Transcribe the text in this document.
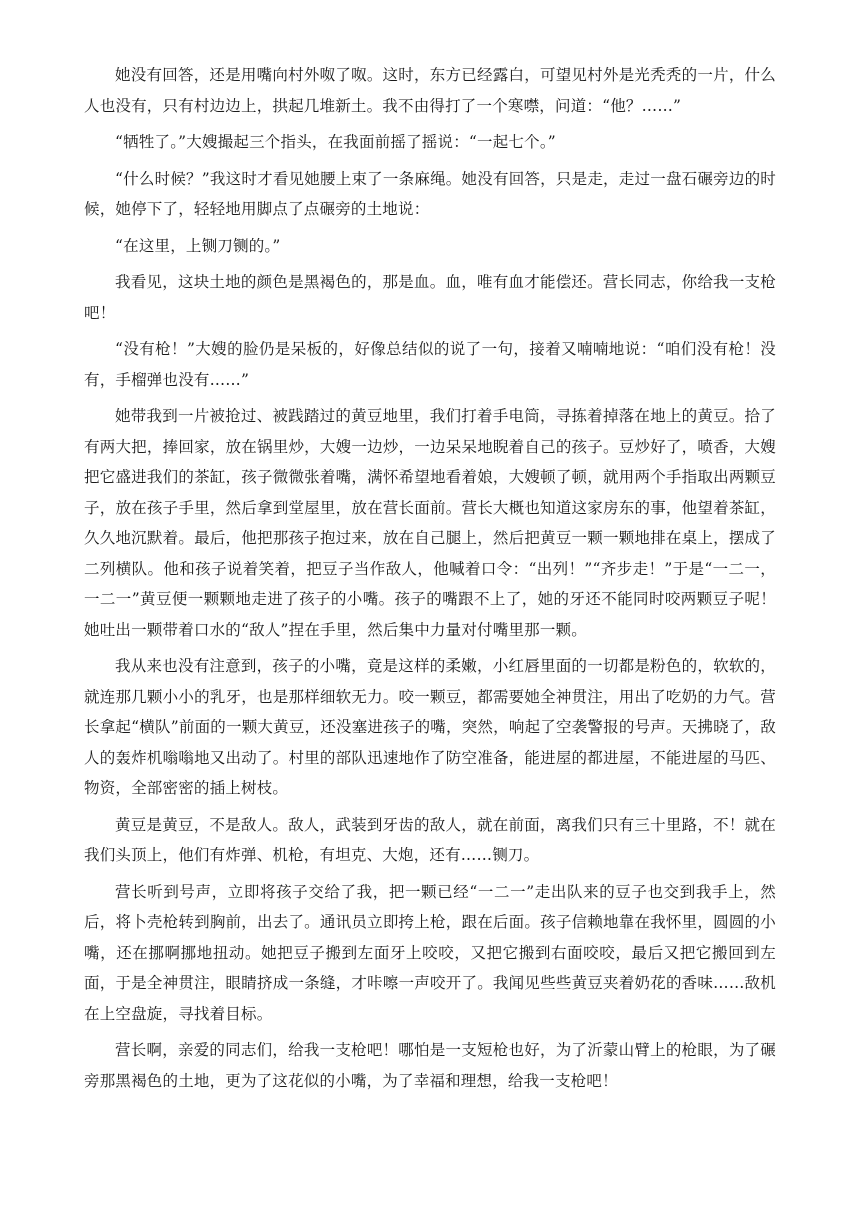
她没有回答，还是用嘴向村外呶了呶。这时，东方已经露白，可望见村外是光秃秃的一片，什么人也没有，只有村边边上，拱起几堆新土。我不由得打了一个寒噤，问道：“他？……”

“牺牲了。”大嫂撮起三个指头，在我面前摇了摇说：“一起七个。”

“什么时候？”我这时才看见她腰上束了一条麻绳。她没有回答，只是走，走过一盘石碾旁边的时候，她停下了，轻轻地用脚点了点碾旁的土地说：

“在这里，上铡刀铡的。”

我看见，这块土地的颜色是黑褐色的，那是血。血，唯有血才能偿还。营长同志，你给我一支枪吧！

“没有枪！”大嫂的脸仍是呆板的，好像总结似的说了一句，接着又喃喃地说：“咱们没有枪！没有，手榴弹也没有……”

她带我到一片被抢过、被践踏过的黄豆地里，我们打着手电筒，寻拣着掉落在地上的黄豆。拾了有两大把，捧回家，放在锅里炒，大嫂一边炒，一边呆呆地睨着自己的孩子。豆炒好了，喷香，大嫂把它盛进我们的茶缸，孩子微微张着嘴，满怀希望地看着娘，大嫂顿了顿，就用两个手指取出两颗豆子，放在孩子手里，然后拿到堂屋里，放在营长面前。营长大概也知道这家房东的事，他望着茶缸，久久地沉默着。最后，他把那孩子抱过来，放在自己腿上，然后把黄豆一颗一颗地排在桌上，摆成了二列横队。他和孩子说着笑着，把豆子当作敌人，他喊着口令：“出列！”“齐步走！”于是“一二一，一二一”黄豆便一颗颗地走进了孩子的小嘴。孩子的嘴跟不上了，她的牙还不能同时咬两颗豆子呢！她吐出一颗带着口水的“敌人”捏在手里，然后集中力量对付嘴里那一颗。

我从来也没有注意到，孩子的小嘴，竟是这样的柔嫩，小红唇里面的一切都是粉色的，软软的，就连那几颗小小的乳牙，也是那样细软无力。咬一颗豆，都需要她全神贯注，用出了吃奶的力气。营长拿起“横队”前面的一颗大黄豆，还没塞进孩子的嘴，突然，响起了空袭警报的号声。天拂晓了，敌人的轰炸机嗡嗡地又出动了。村里的部队迅速地作了防空准备，能进屋的都进屋，不能进屋的马匹、物资，全部密密的插上树枝。

黄豆是黄豆，不是敌人。敌人，武装到牙齿的敌人，就在前面，离我们只有三十里路，不！就在我们头顶上，他们有炸弹、机枪，有坦克、大炮，还有……铡刀。

营长听到号声，立即将孩子交给了我，把一颗已经“一二一”走出队来的豆子也交到我手上，然后，将卜壳枪转到胸前，出去了。通讯员立即挎上枪，跟在后面。孩子信赖地靠在我怀里，圆圆的小嘴，还在挪啊挪地扭动。她把豆子搬到左面牙上咬咬，又把它搬到右面咬咬，最后又把它搬回到左面，于是全神贯注，眼睛挤成一条缝，才咔嚓一声咬开了。我闻见些些黄豆夹着奶花的香味……敌机在上空盘旋，寻找着目标。

营长啊，亲爱的同志们，给我一支枪吧！哪怕是一支短枪也好，为了沂蒙山臂上的枪眼，为了碾旁那黑褐色的土地，更为了这花似的小嘴，为了幸福和理想，给我一支枪吧！
